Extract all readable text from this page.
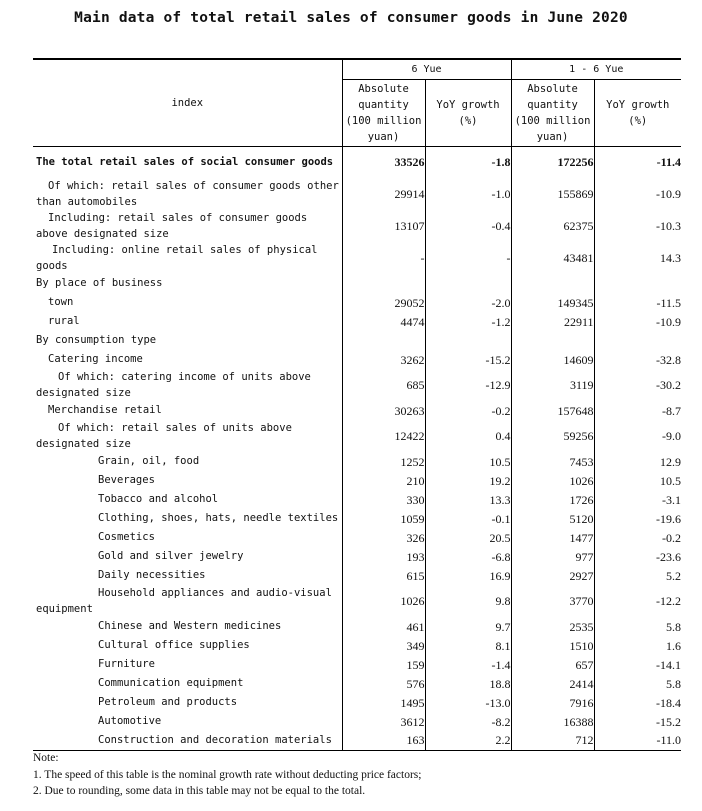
Main data of total retail sales of consumer goods in June 2020
index	6 Yue		1 - 6 Yue	
	Absolute quantity (100 million yuan)	YoY growth (%)	Absolute quantity (100 million yuan)	YoY growth (%)
The total retail sales of social consumer goods	33526	-1.8	172256	-11.4
Of which: retail sales of consumer goods other than automobiles	29914	-1.0	155869	-10.9
Including: retail sales of consumer goods above designated size	13107	-0.4	62375	-10.3
Including: online retail sales of physical goods	-	-	43481	14.3
By place of business				
town	29052	-2.0	149345	-11.5
rural	4474	-1.2	22911	-10.9
By consumption type				
Catering income	3262	-15.2	14609	-32.8
Of which: catering income of units above designated size	685	-12.9	3119	-30.2
Merchandise retail	30263	-0.2	157648	-8.7
Of which: retail sales of units above designated size	12422	0.4	59256	-9.0
Grain, oil, food	1252	10.5	7453	12.9
Beverages	210	19.2	1026	10.5
Tobacco and alcohol	330	13.3	1726	-3.1
Clothing, shoes, hats, needle textiles	1059	-0.1	5120	-19.6
Cosmetics	326	20.5	1477	-0.2
Gold and silver jewelry	193	-6.8	977	-23.6
Daily necessities	615	16.9	2927	5.2
Household appliances and audio-visual equipment	1026	9.8	3770	-12.2
Chinese and Western medicines	461	9.7	2535	5.8
Cultural office supplies	349	8.1	1510	1.6
Furniture	159	-1.4	657	-14.1
Communication equipment	576	18.8	2414	5.8
Petroleum and products	1495	-13.0	7916	-18.4
Automotive	3612	-8.2	16388	-15.2
Construction and decoration materials	163	2.2	712	-11.0
Note:
1. The speed of this table is the nominal growth rate without deducting price factors;
2. Due to rounding, some data in this table may not be equal to the total.
